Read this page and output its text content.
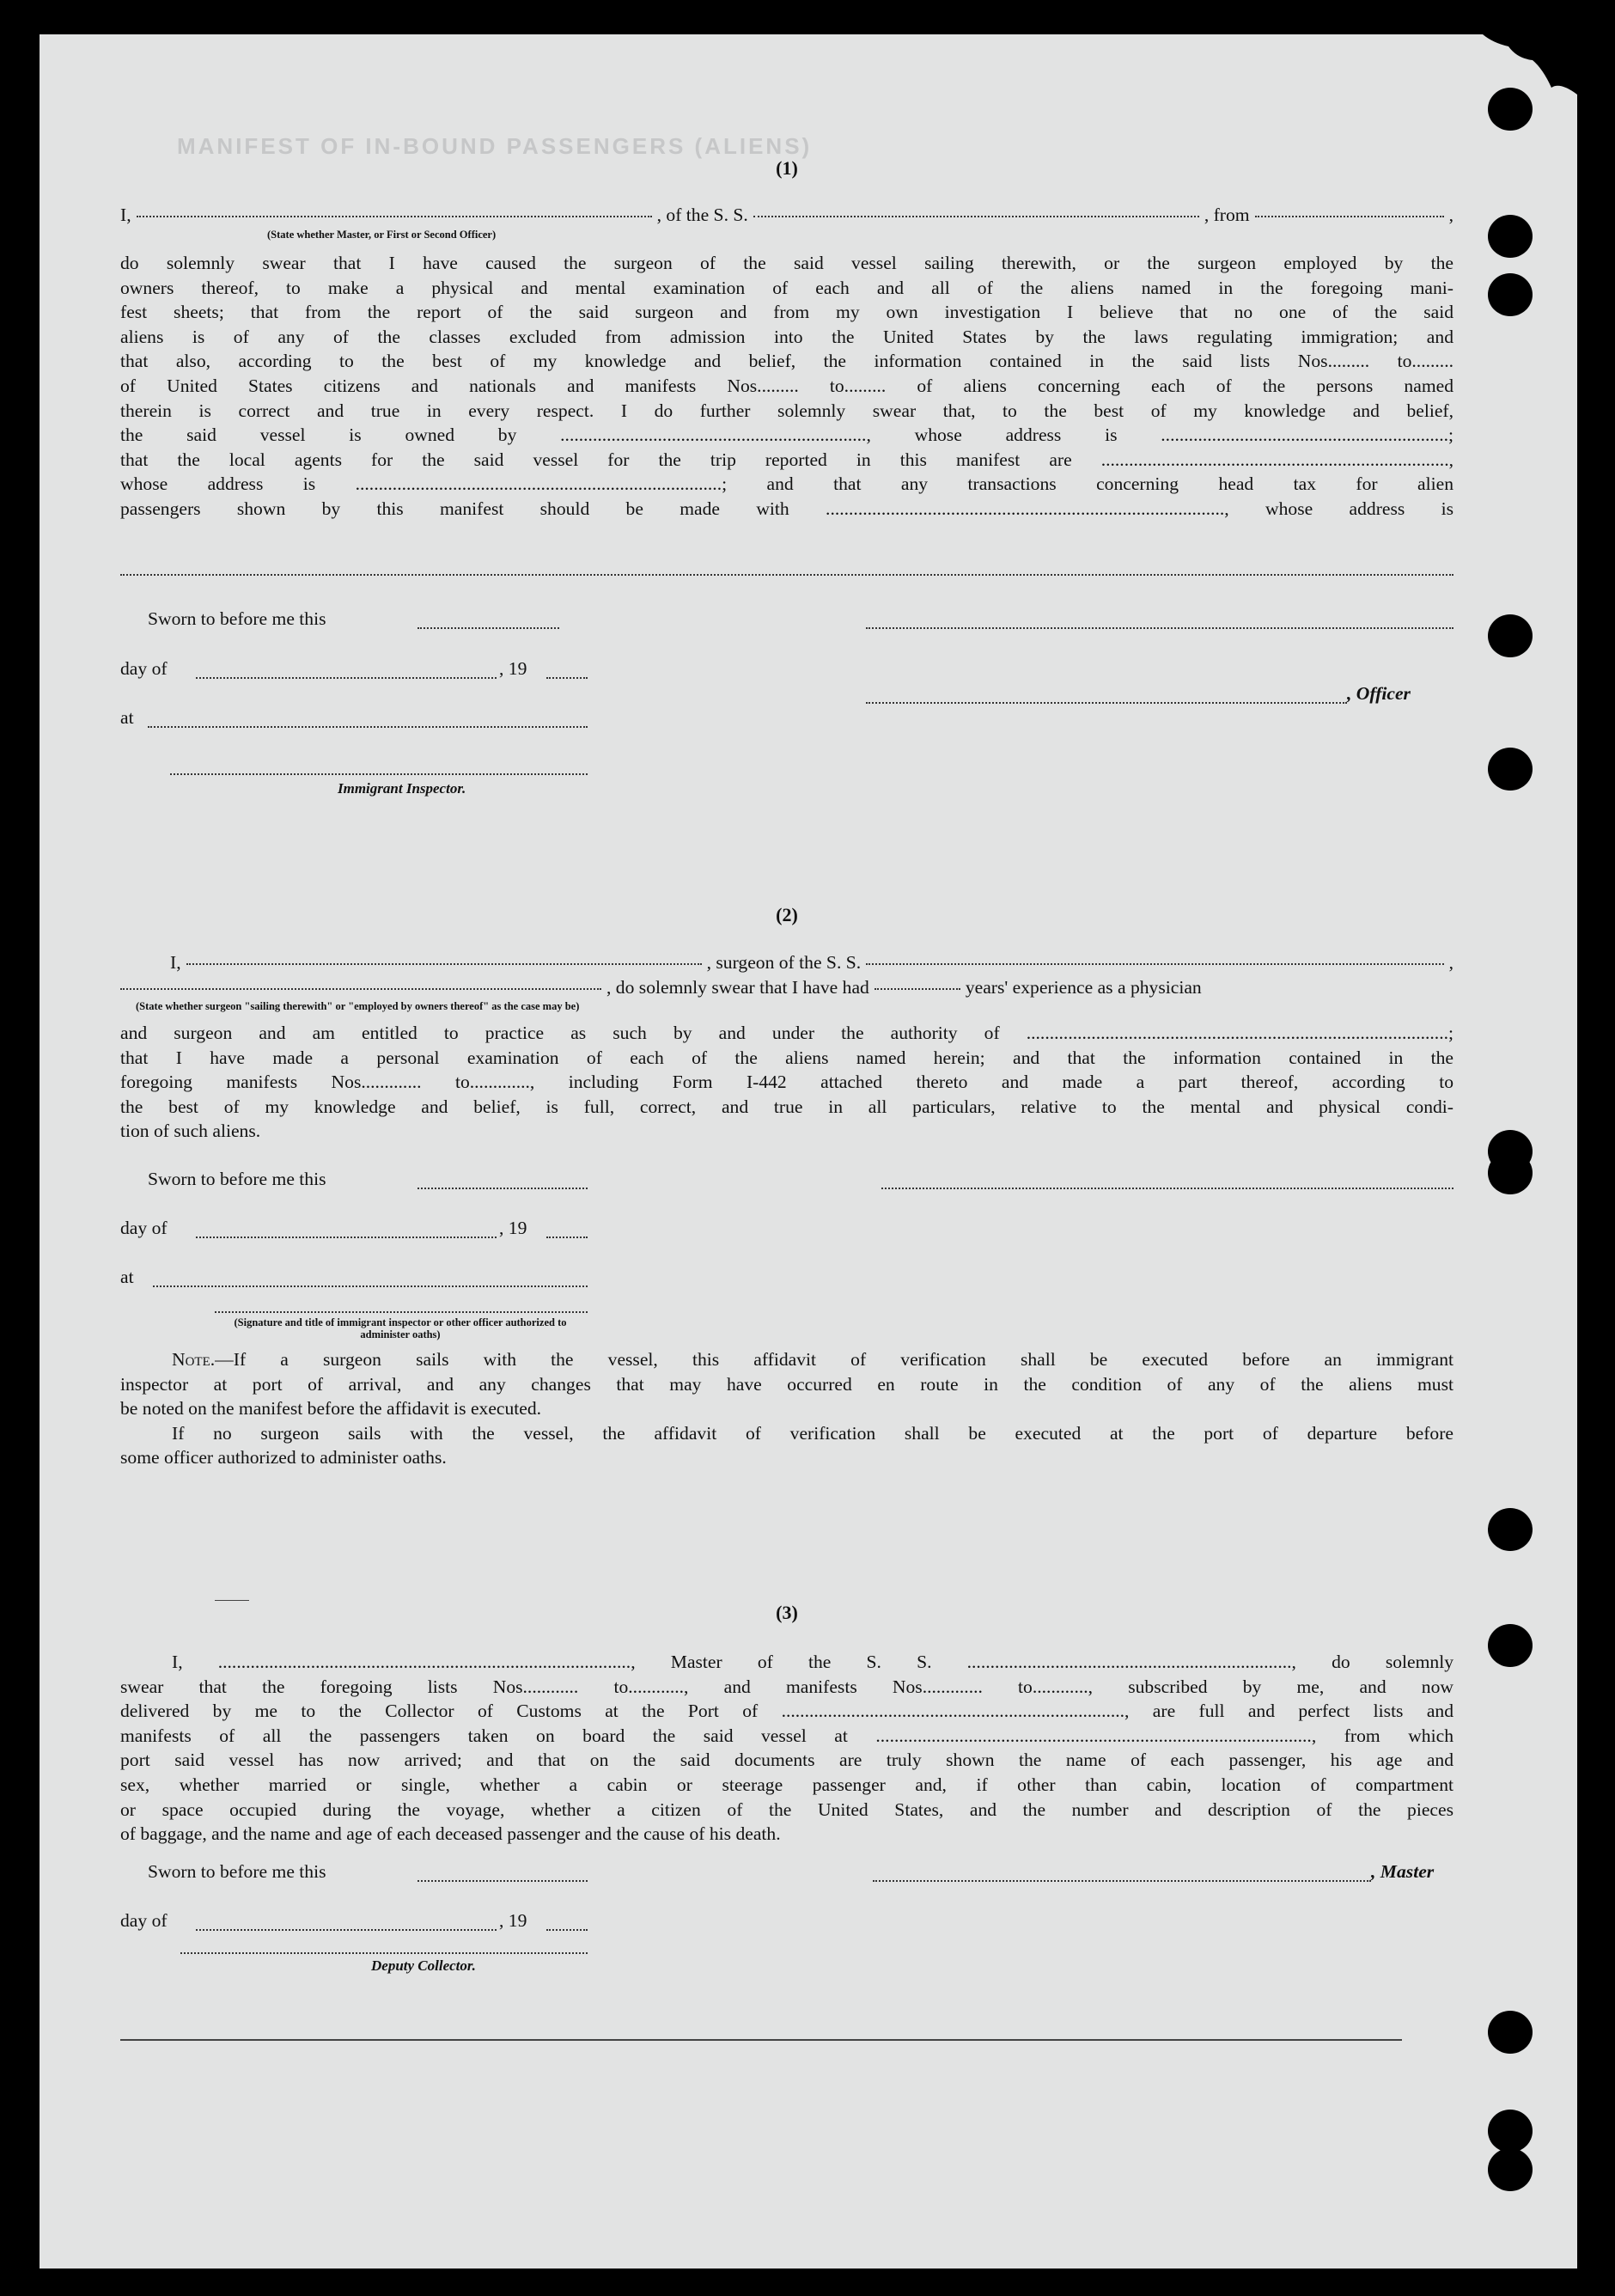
MANIFEST OF IN-BOUND PASSENGERS (ALIENS)
(1)
I,	, of the S. S.	, from	,
(State whether Master, or First or Second Officer)

do solemnly swear that I have caused the surgeon of the said vessel sailing therewith, or the surgeon employed by the

owners thereof, to make a physical and mental examination of each and all of the aliens named in the foregoing mani-

fest sheets; that from the report of the said surgeon and from my own investigation I believe that no one of the said

aliens is of any of the classes excluded from admission into the United States by the laws regulating immigration; and

that also, according to the best of my knowledge and belief, the information contained in the said lists Nos......... to.........

of United States citizens and nationals and manifests Nos......... to......... of aliens concerning each of the persons named

therein is correct and true in every respect. I do further solemnly swear that, to the best of my knowledge and belief,

the said vessel is owned by .................................................................., whose address is ..............................................................;

that the local agents for the said vessel for the trip reported in this manifest are ...........................................................................,

whose address is ...............................................................................; and that any transactions concerning head tax for alien

passengers shown by this manifest should be made with ......................................................................................, whose address is

Sworn to before me this
day of	, 19
, Officer
at
Immigrant Inspector.
(2)
I,	, surgeon of the S. S.	,
, do solemnly swear that I have had	years' experience as a physician
(State whether surgeon "sailing therewith" or "employed by owners thereof" as the case may be)

and surgeon and am entitled to practice as such by and under the authority of ...........................................................................................;

that I have made a personal examination of each of the aliens named herein; and that the information contained in the

foregoing manifests Nos............. to............., including Form I-442 attached thereto and made a part thereof, according to

the best of my knowledge and belief, is full, correct, and true in all particulars, relative to the mental and physical condi-

tion of such aliens.

Sworn to before me this
day of	, 19
at
(Signature and title of immigrant inspector or other officer authorized to administer oaths)

Note.—If a surgeon sails with the vessel, this affidavit of verification shall be executed before an immigrant

inspector at port of arrival, and any changes that may have occurred en route in the condition of any of the aliens must

be noted on the manifest before the affidavit is executed.

If no surgeon sails with the vessel, the affidavit of verification shall be executed at the port of departure before

some officer authorized to administer oaths.

(3)

I, ........................................................................................., Master of the S. S. ......................................................................, do solemnly

swear that the foregoing lists Nos............ to............, and manifests Nos............. to............, subscribed by me, and now

delivered by me to the Collector of Customs at the Port of .........................................................................., are full and perfect lists and

manifests of all the passengers taken on board the said vessel at .............................................................................................., from which

port said vessel has now arrived; and that on the said documents are truly shown the name of each passenger, his age and

sex, whether married or single, whether a cabin or steerage passenger and, if other than cabin, location of compartment

or space occupied during the voyage, whether a citizen of the United States, and the number and description of the pieces

of baggage, and the name and age of each deceased passenger and the cause of his death.

Sworn to before me this	, Master
day of	, 19
Deputy Collector.
